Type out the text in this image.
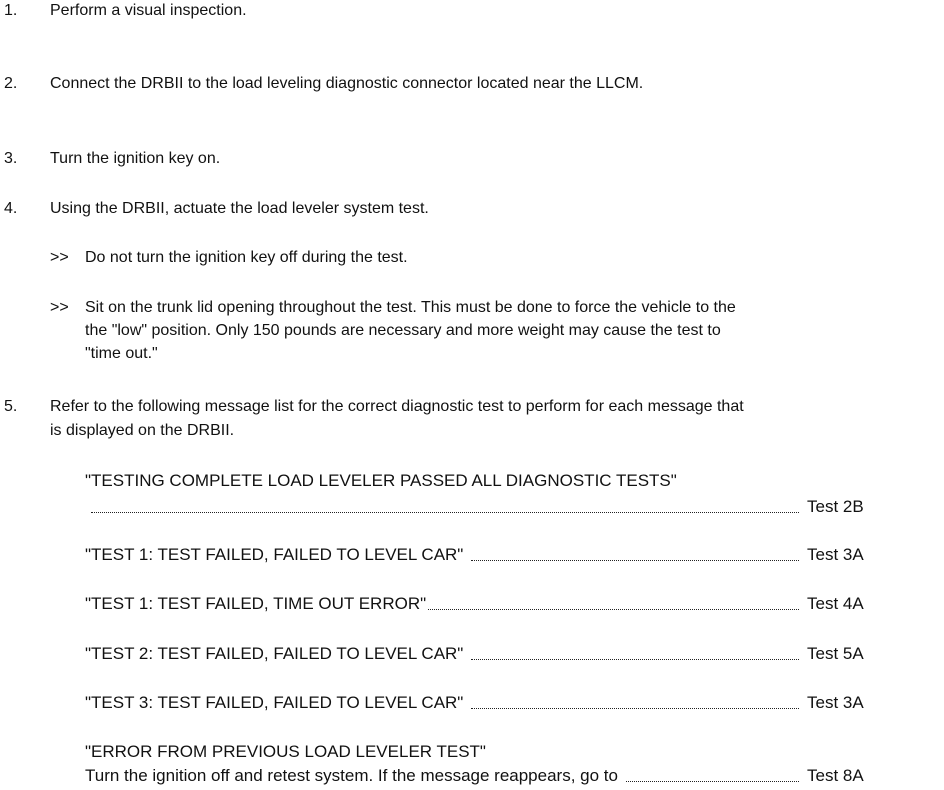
1. Perform a visual inspection.
2. Connect the DRBII to the load leveling diagnostic connector located near the LLCM.
3. Turn the ignition key on.
4. Using the DRBII, actuate the load leveler system test.
>> Do not turn the ignition key off during the test.
>> Sit on the trunk lid opening throughout the test. This must be done to force the vehicle to the
the "low" position. Only 150 pounds are necessary and more weight may cause the test to
"time out."
5. Refer to the following message list for the correct diagnostic test to perform for each message that
is displayed on the DRBII.
"TESTING COMPLETE LOAD LEVELER PASSED ALL DIAGNOSTIC TESTS"
Test 2B
"TEST 1: TEST FAILED, FAILED TO LEVEL CAR"	Test 3A
"TEST 1: TEST FAILED, TIME OUT ERROR"	Test 4A
"TEST 2: TEST FAILED, FAILED TO LEVEL CAR"	Test 5A
"TEST 3: TEST FAILED, FAILED TO LEVEL CAR"	Test 3A
"ERROR FROM PREVIOUS LOAD LEVELER TEST"
Turn the ignition off and retest system. If the message reappears, go to	Test 8A
